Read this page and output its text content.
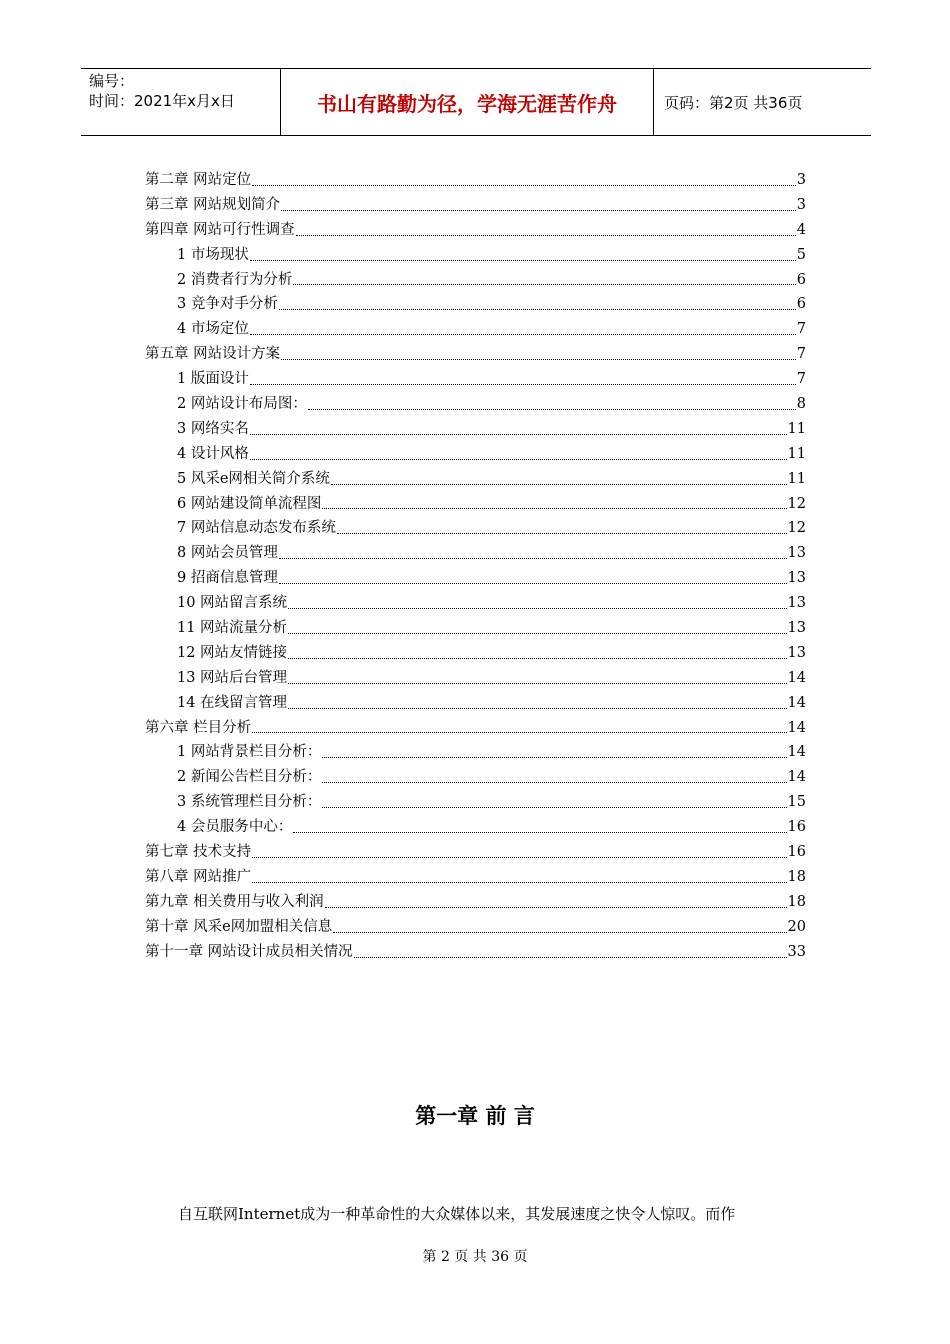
编号：
时间：2021年x月x日	书山有路勤为径，学海无涯苦作舟	页码：第2页 共36页
第二章 网站定位	3
第三章 网站规划简介	3
第四章 网站可行性调查	4
1 市场现状	5
2 消费者行为分析	6
3 竞争对手分析	6
4 市场定位	7
第五章 网站设计方案	7
1 版面设计	7
2 网站设计布局图：	8
3 网络实名	11
4 设计风格	11
5 风采e网相关简介系统	11
6 网站建设简单流程图	12
7 网站信息动态发布系统	12
8 网站会员管理	13
9 招商信息管理	13
10 网站留言系统	13
11 网站流量分析	13
12 网站友情链接	13
13 网站后台管理	14
14 在线留言管理	14
第六章 栏目分析	14
1 网站背景栏目分析：	14
2 新闻公告栏目分析：	14
3 系统管理栏目分析：	15
4 会员服务中心：	16
第七章 技术支持	16
第八章 网站推广	18
第九章 相关费用与收入利润	18
第十章 风采e网加盟相关信息	20
第十一章 网站设计成员相关情况	33
第一章 前 言
自互联网Internet成为一种革命性的大众媒体以来，其发展速度之快令人惊叹。而作
第 2 页 共 36 页
